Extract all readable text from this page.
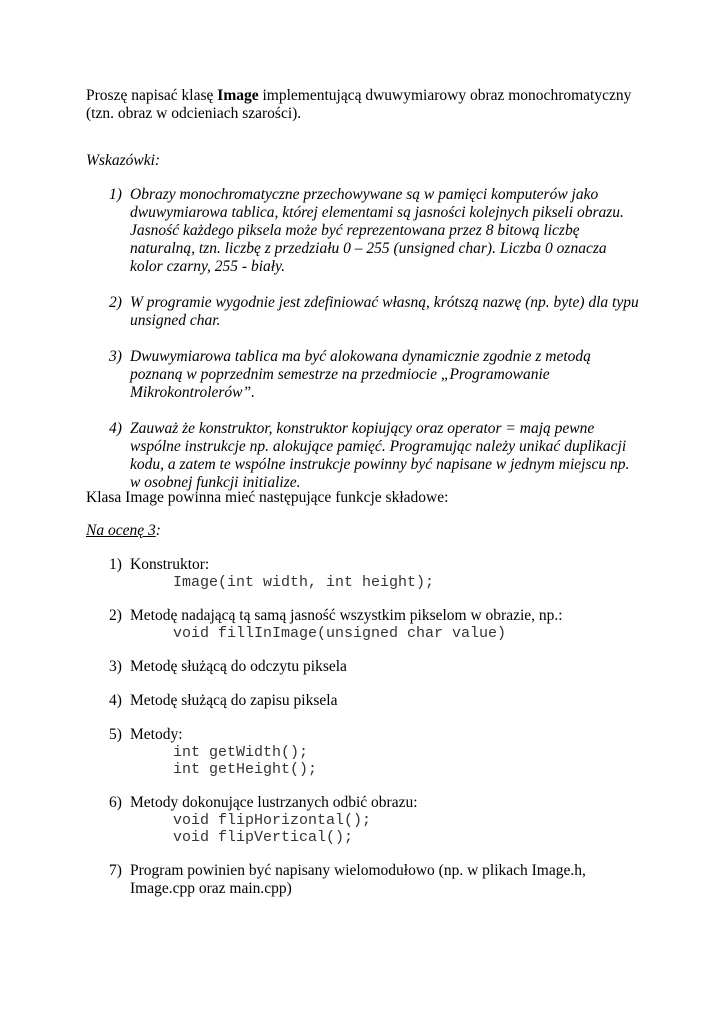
Proszę napisać klasę Image implementującą dwuwymiarowy obraz monochromatyczny (tzn. obraz w odcieniach szarości).
Wskazówki:
1) Obrazy monochromatyczne przechowywane są w pamięci komputerów jako dwuwymiarowa tablica, której elementami są jasności kolejnych pikseli obrazu. Jasność każdego piksela może być reprezentowana przez 8 bitową liczbę naturalną, tzn. liczbę z przedziału 0 – 255 (unsigned char). Liczba 0 oznacza kolor czarny, 255 - biały.
2) W programie wygodnie jest zdefiniować własną, krótszą nazwę (np. byte) dla typu unsigned char.
3) Dwuwymiarowa tablica ma być alokowana dynamicznie zgodnie z metodą poznaną w poprzednim semestrze na przedmiocie „Programowanie Mikrokontrolerów”.
4) Zauważ że konstruktor, konstruktor kopiujący oraz operator = mają pewne wspólne instrukcje np. alokujące pamięć. Programując należy unikać duplikacji kodu, a zatem te wspólne instrukcje powinny być napisane w jednym miejscu np. w osobnej funkcji initialize.
Klasa Image powinna mieć następujące funkcje składowe:
Na ocenę 3:
1) Konstruktor:
Image(int width, int height);
2) Metodę nadającą tą samą jasność wszystkim pikselom w obrazie, np.:
void fillInImage(unsigned char value)
3) Metodę służącą do odczytu piksela
4) Metodę służącą do zapisu piksela
5) Metody:
int getWidth();
int getHeight();
6) Metody dokonujące lustrzanych odbić obrazu:
void flipHorizontal();
void flipVertical();
7) Program powinien być napisany wielomodułowo (np. w plikach Image.h, Image.cpp oraz main.cpp)
